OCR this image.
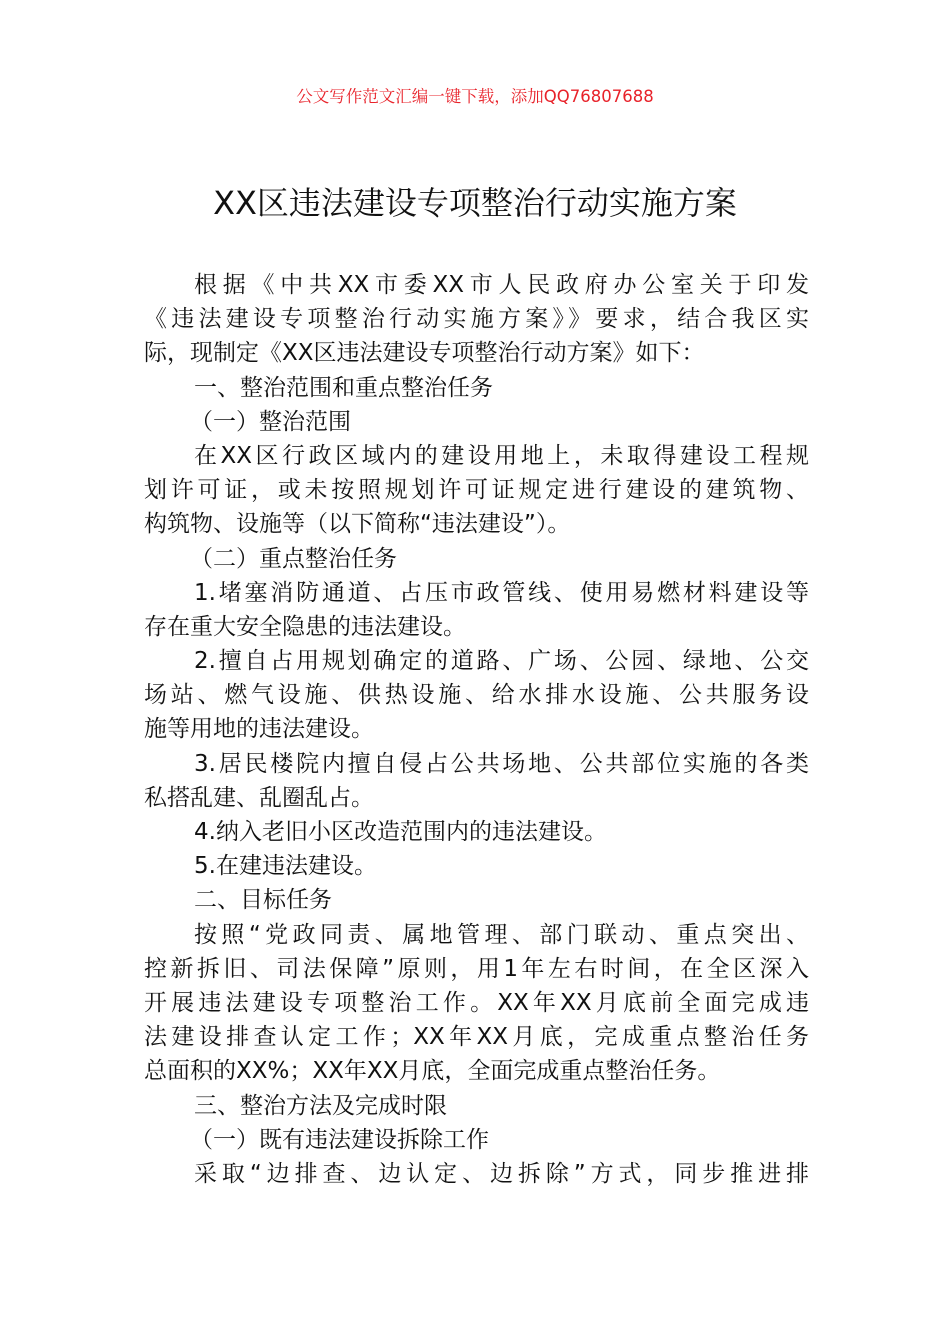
公文写作范文汇编一键下载，添加QQ76807688
XX区违法建设专项整治行动实施方案
根据《中共XX市委XX市人民政府办公室关于印发
《违法建设专项整治行动实施方案》》要求，结合我区实
际，现制定《XX区违法建设专项整治行动方案》如下：
一、整治范围和重点整治任务
（一）整治范围
在XX区行政区域内的建设用地上，未取得建设工程规
划许可证，或未按照规划许可证规定进行建设的建筑物、
构筑物、设施等（以下简称“违法建设”）。
（二）重点整治任务
1.堵塞消防通道、占压市政管线、使用易燃材料建设等
存在重大安全隐患的违法建设。
2.擅自占用规划确定的道路、广场、公园、绿地、公交
场站、燃气设施、供热设施、给水排水设施、公共服务设
施等用地的违法建设。
3.居民楼院内擅自侵占公共场地、公共部位实施的各类
私搭乱建、乱圈乱占。
4.纳入老旧小区改造范围内的违法建设。
5.在建违法建设。
二、目标任务
按照“党政同责、属地管理、部门联动、重点突出、
控新拆旧、司法保障”原则，用1年左右时间，在全区深入
开展违法建设专项整治工作。XX年XX月底前全面完成违
法建设排查认定工作；XX年XX月底，完成重点整治任务
总面积的XX%；XX年XX月底，全面完成重点整治任务。
三、整治方法及完成时限
（一）既有违法建设拆除工作
采取“边排查、边认定、边拆除”方式，同步推进排
